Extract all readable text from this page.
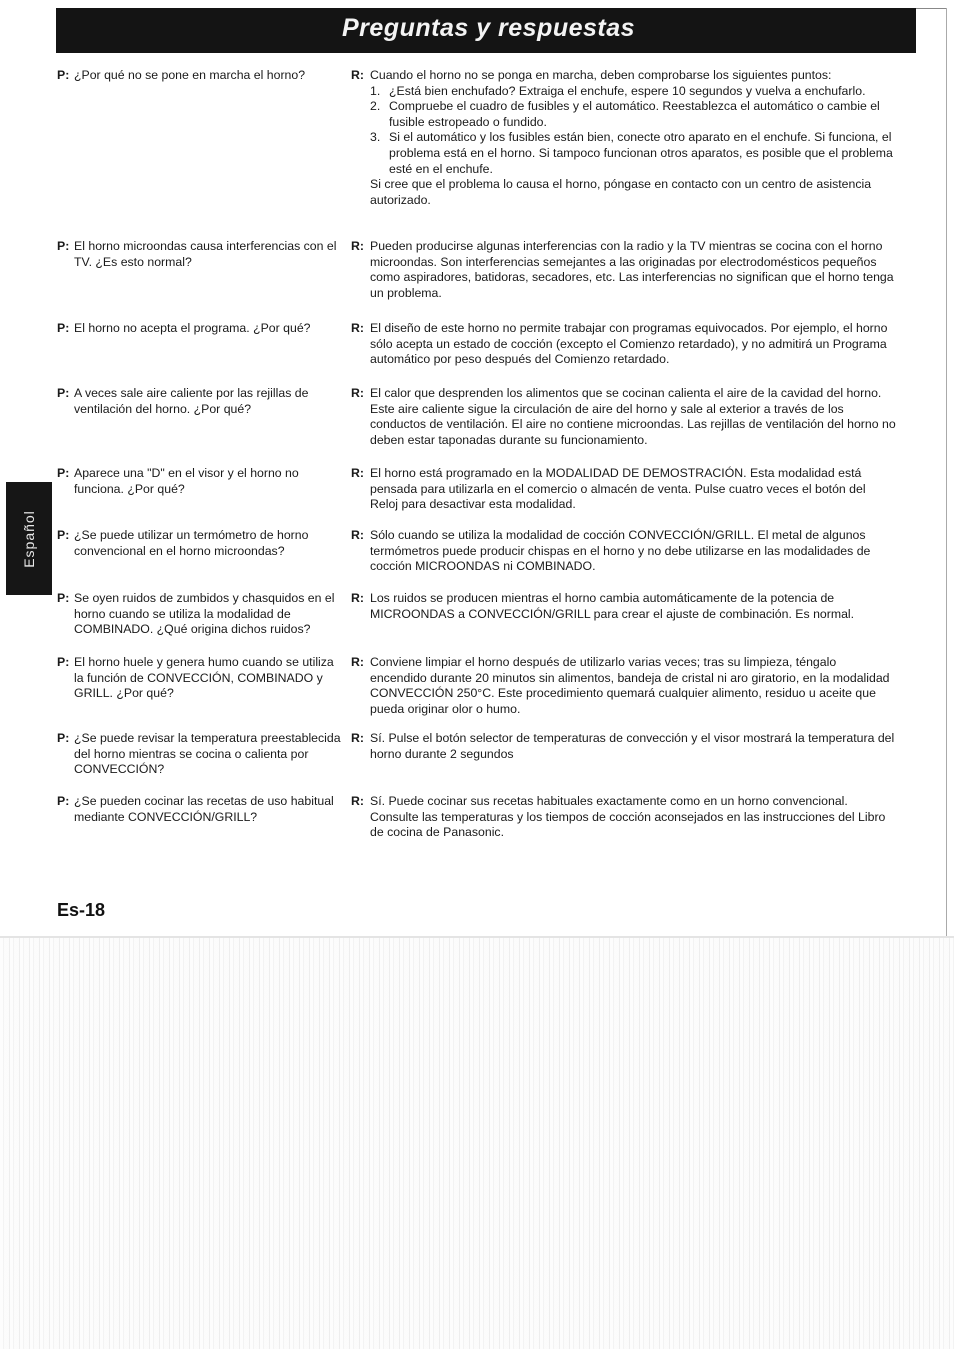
Preguntas y respuestas
Español
P: ¿Por qué no se pone en marcha el horno?	R: Cuando el horno no se ponga en marcha, deben comprobarse los siguientes puntos:
1. ¿Está bien enchufado? Extraiga el enchufe, espere 10 segundos y vuelva a enchufarlo.
2. Compruebe el cuadro de fusibles y el automático. Reestablezca el automático o cambie el fusible estropeado o fundido.
3. Si el automático y los fusibles están bien, conecte otro aparato en el enchufe. Si funciona, el problema está en el horno. Si tampoco funcionan otros aparatos, es posible que el problema esté en el enchufe.
Si cree que el problema lo causa el horno, póngase en contacto con un centro de asistencia autorizado.
P: El horno microondas causa interferencias con el TV. ¿Es esto normal?
R: Pueden producirse algunas interferencias con la radio y la TV mientras se cocina con el horno microondas. Son interferencias semejantes a las originadas por electrodomésticos pequeños como aspiradores, batidoras, secadores, etc. Las interferencias no significan que el horno tenga un problema.
P: El horno no acepta el programa. ¿Por qué?	R: El diseño de este horno no permite trabajar con programas equivocados. Por ejemplo, el horno sólo acepta un estado de cocción (excepto el Comienzo retardado), y no admitirá un Programa automático por peso después del Comienzo retardado.
P: A veces sale aire caliente por las rejillas de ventilación del horno. ¿Por qué?
R: El calor que desprenden los alimentos que se cocinan calienta el aire de la cavidad del horno. Este aire caliente sigue la circulación de aire del horno y sale al exterior a través de los conductos de ventilación. El aire no contiene microondas. Las rejillas de ventilación del horno no deben estar taponadas durante su funcionamiento.
P: Aparece una "D" en el visor y el horno no funciona. ¿Por qué?
R: El horno está programado en la MODALIDAD DE DEMOSTRACIÓN. Esta modalidad está pensada para utilizarla en el comercio o almacén de venta. Pulse cuatro veces el botón del Reloj para desactivar esta modalidad.
P: ¿Se puede utilizar un termómetro de horno convencional en el horno microondas?
R: Sólo cuando se utiliza la modalidad de cocción CONVECCIÓN/GRILL. El metal de algunos termómetros puede producir chispas en el horno y no debe utilizarse en las modalidades de cocción MICROONDAS ni COMBINADO.
P: Se oyen ruidos de zumbidos y chasquidos en el horno cuando se utiliza la modalidad de COMBINADO. ¿Qué origina dichos ruidos?
R: Los ruidos se producen mientras el horno cambia automáticamente de la potencia de MICROONDAS a CONVECCIÓN/GRILL para crear el ajuste de combinación. Es normal.
P: El horno huele y genera humo cuando se utiliza la función de CONVECCIÓN, COMBINADO y GRILL. ¿Por qué?
R: Conviene limpiar el horno después de utilizarlo varias veces; tras su limpieza, téngalo encendido durante 20 minutos sin alimentos, bandeja de cristal ni aro giratorio, en la modalidad CONVECCIÓN 250°C. Este procedimiento quemará cualquier alimento, residuo u aceite que pueda originar olor o humo.
P: ¿Se puede revisar la temperatura preestablecida del horno mientras se cocina o calienta por CONVECCIÓN?
R: Sí. Pulse el botón selector de temperaturas de convección y el visor mostrará la temperatura del horno durante 2 segundos
P: ¿Se pueden cocinar las recetas de uso habitual mediante CONVECCIÓN/GRILL?
R: Sí. Puede cocinar sus recetas habituales exactamente como en un horno convencional. Consulte las temperaturas y los tiempos de cocción aconsejados en las instrucciones del Libro de cocina de Panasonic.
Es-18
